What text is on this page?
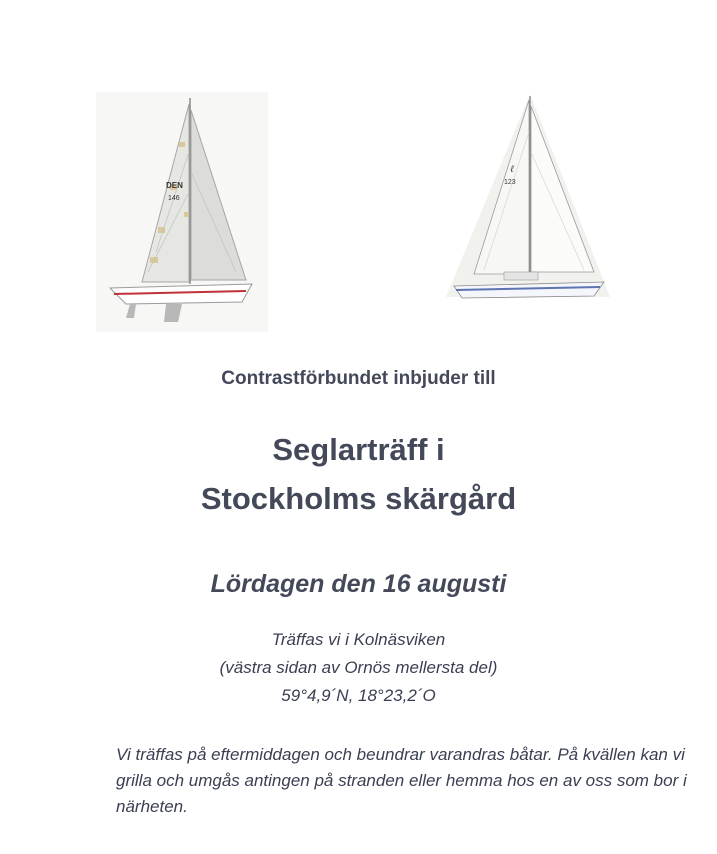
DEN
146
ℓ
123
Contrastförbundet inbjuder till
Seglarträff i
Stockholms skärgård
Lördagen den 16 augusti
Träffas vi i Kolnäsviken
(västra sidan av Ornös mellersta del)
59°4,9´N, 18°23,2´O
Vi träffas på eftermiddagen och beundrar varandras båtar. På kvällen kan vi grilla och umgås antingen på stranden eller hemma hos en av oss som bor i närheten.
